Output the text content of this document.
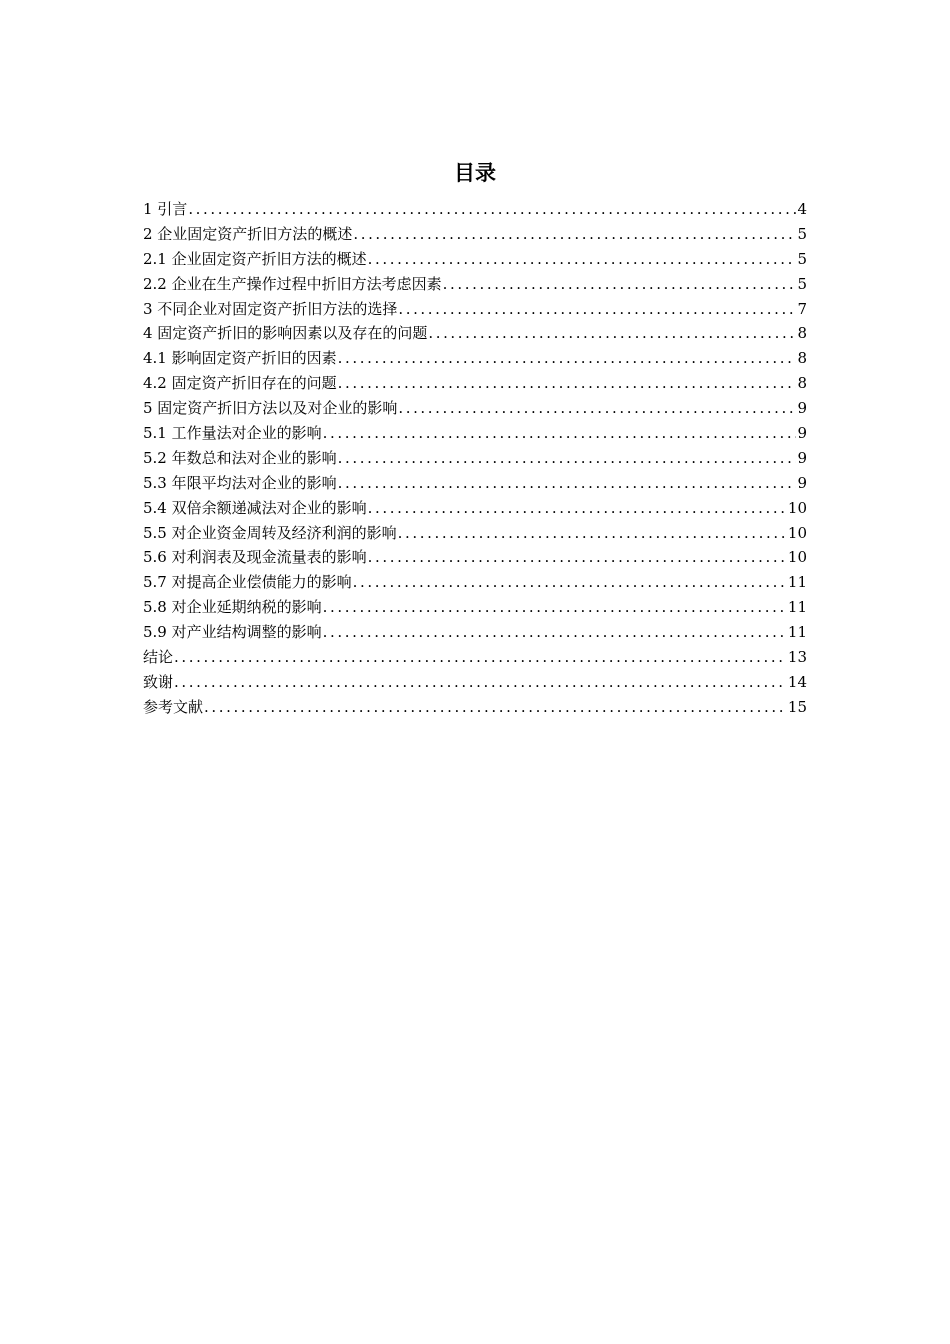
目录
1 引言 .....	4
2 企业固定资产折旧方法的概述 .....	5
2.1 企业固定资产折旧方法的概述 .....	5
2.2 企业在生产操作过程中折旧方法考虑因素 .....	5
3 不同企业对固定资产折旧方法的选择 .....	7
4 固定资产折旧的影响因素以及存在的问题 .....	8
4.1 影响固定资产折旧的因素 .....	8
4.2 固定资产折旧存在的问题 .....	8
5 固定资产折旧方法以及对企业的影响 .....	9
5.1 工作量法对企业的影响 .....	9
5.2 年数总和法对企业的影响 .....	9
5.3 年限平均法对企业的影响 .....	9
5.4 双倍余额递减法对企业的影响 .....	10
5.5 对企业资金周转及经济利润的影响 .....	10
5.6 对利润表及现金流量表的影响 .....	10
5.7 对提高企业偿债能力的影响 .....	11
5.8 对企业延期纳税的影响 .....	11
5.9 对产业结构调整的影响 .....	11
结论 .....	13
致谢 .....	14
参考文献 .....	15
